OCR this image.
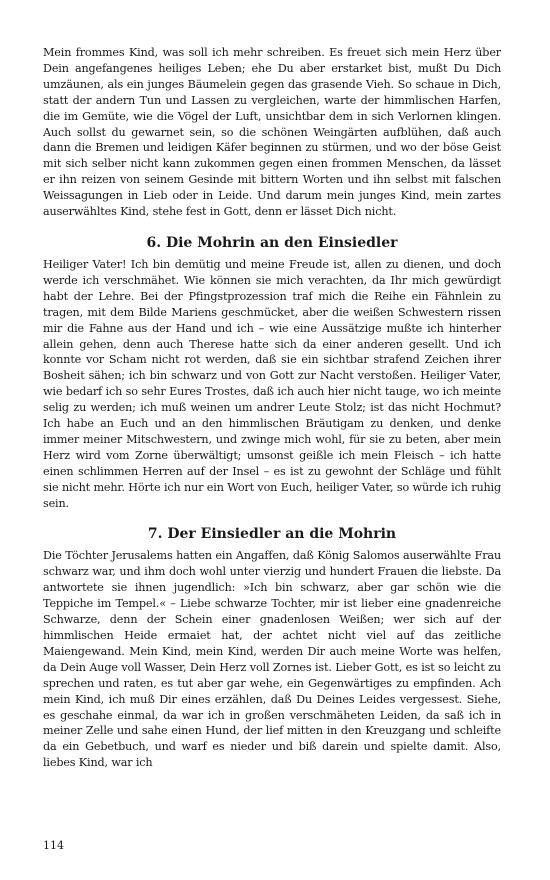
Mein frommes Kind, was soll ich mehr schreiben. Es freuet sich mein Herz über Dein angefangenes heiliges Leben; ehe Du aber erstarket bist, mußt Du Dich umzäunen, als ein junges Bäumelein gegen das grasende Vieh. So schaue in Dich, statt der andern Tun und Lassen zu vergleichen, warte der himmlischen Harfen, die im Gemüte, wie die Vögel der Luft, unsichtbar dem in sich Verlornen klingen. Auch sollst du gewarnet sein, so die schönen Weingärten aufblühen, daß auch dann die Bremen und leidigen Käfer beginnen zu stürmen, und wo der böse Geist mit sich selber nicht kann zukommen gegen einen frommen Menschen, da lässet er ihn reizen von seinem Gesinde mit bittern Worten und ihn selbst mit falschen Weissagungen in Lieb oder in Leide. Und darum mein junges Kind, mein zartes auserwähltes Kind, stehe fest in Gott, denn er lässet Dich nicht.

6. Die Mohrin an den Einsiedler

Heiliger Vater! Ich bin demütig und meine Freude ist, allen zu dienen, und doch werde ich verschmähet. Wie können sie mich verachten, da Ihr mich gewürdigt habt der Lehre. Bei der Pfingstprozession traf mich die Reihe ein Fähnlein zu tragen, mit dem Bilde Mariens geschmücket, aber die weißen Schwestern rissen mir die Fahne aus der Hand und ich – wie eine Aussätzige mußte ich hinterher allein gehen, denn auch Therese hatte sich da einer anderen gesellt. Und ich konnte vor Scham nicht rot werden, daß sie ein sichtbar strafend Zeichen ihrer Bosheit sähen; ich bin schwarz und von Gott zur Nacht verstoßen. Heiliger Vater, wie bedarf ich so sehr Eures Trostes, daß ich auch hier nicht tauge, wo ich meinte selig zu werden; ich muß weinen um andrer Leute Stolz; ist das nicht Hochmut? Ich habe an Euch und an den himmlischen Bräutigam zu denken, und denke immer meiner Mitschwestern, und zwinge mich wohl, für sie zu beten, aber mein Herz wird vom Zorne überwältigt; umsonst geißle ich mein Fleisch – ich hatte einen schlimmen Herren auf der Insel – es ist zu gewohnt der Schläge und fühlt sie nicht mehr. Hörte ich nur ein Wort von Euch, heiliger Vater, so würde ich ruhig sein.

7. Der Einsiedler an die Mohrin

Die Töchter Jerusalems hatten ein Angaffen, daß König Salomos auserwählte Frau schwarz war, und ihm doch wohl unter vierzig und hundert Frauen die liebste. Da antwortete sie ihnen jugendlich: »Ich bin schwarz, aber gar schön wie die Teppiche im Tempel.« – Liebe schwarze Tochter, mir ist lieber eine gnadenreiche Schwarze, denn der Schein einer gnadenlosen Weißen; wer sich auf der himmlischen Heide ermaiet hat, der achtet nicht viel auf das zeitliche Maiengewand. Mein Kind, mein Kind, werden Dir auch meine Worte was helfen, da Dein Auge voll Wasser, Dein Herz voll Zornes ist. Lieber Gott, es ist so leicht zu sprechen und raten, es tut aber gar wehe, ein Gegenwärtiges zu empfinden. Ach mein Kind, ich muß Dir eines erzählen, daß Du Deines Leides vergessest. Siehe, es geschahe einmal, da war ich in großen verschmäheten Leiden, da saß ich in meiner Zelle und sahe einen Hund, der lief mitten in den Kreuzgang und schleifte da ein Gebetbuch, und warf es nieder und biß darein und spielte damit. Also, liebes Kind, war ich

114
